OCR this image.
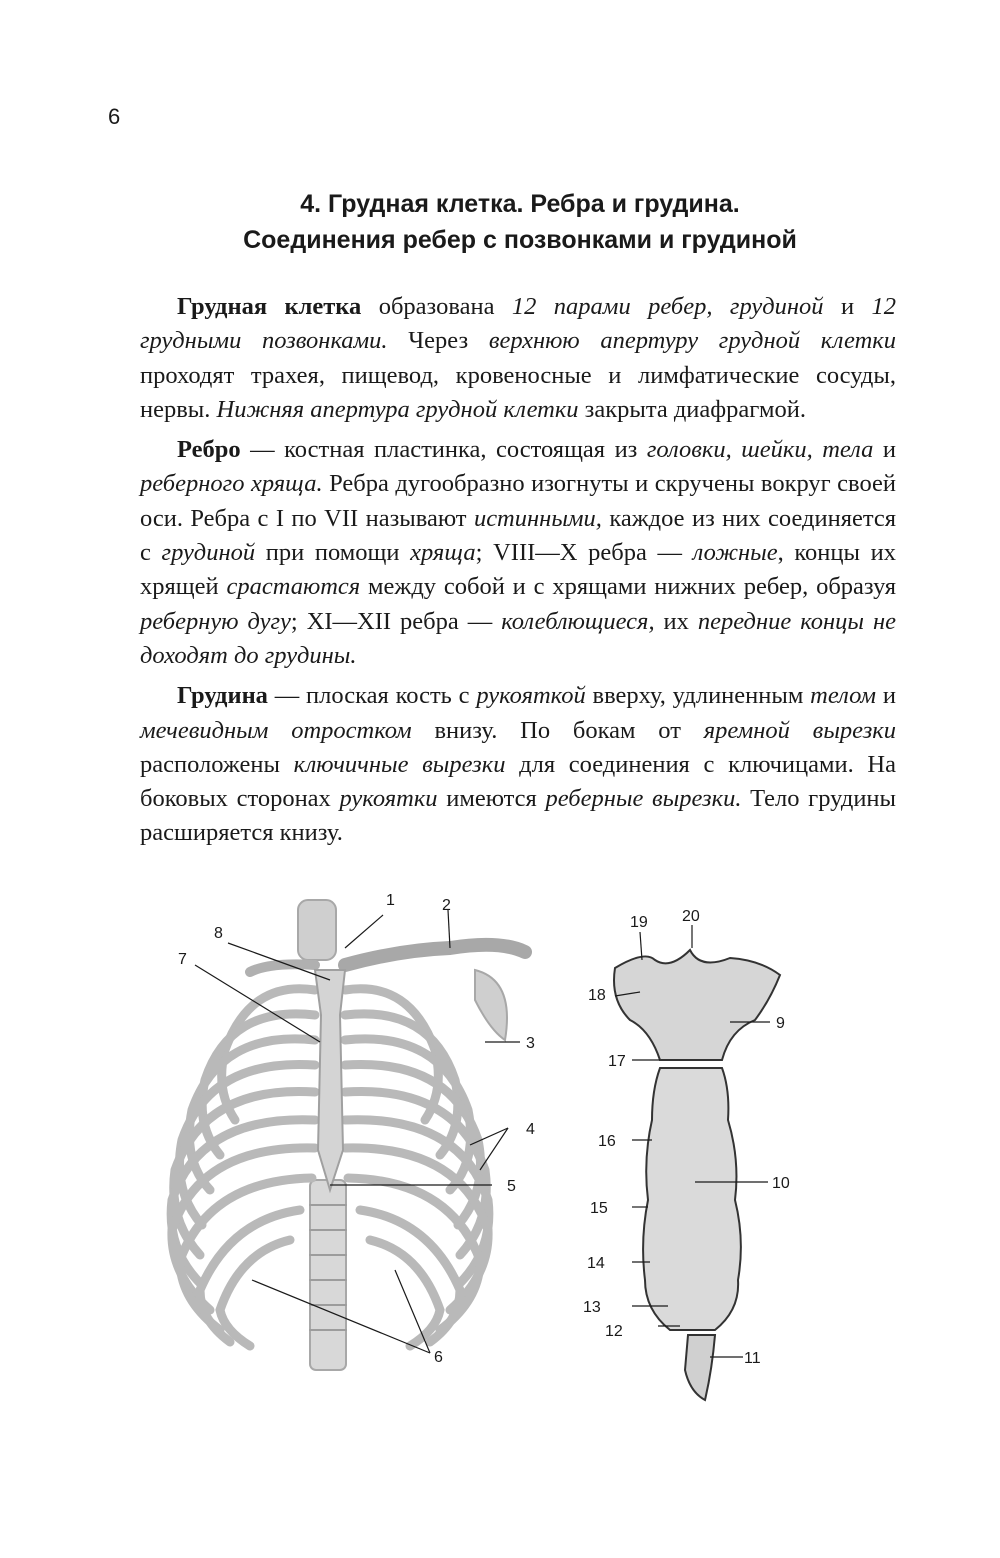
6
4. Грудная клетка. Ребра и грудина.
Соединения ребер с позвонками и грудиной

Грудная клетка образована 12 парами ребер, грудиной и 12 грудными позвонками. Через верхнюю апертуру грудной клетки проходят трахея, пищевод, кровеносные и лимфатические сосуды, нервы. Нижняя апертура грудной клетки закрыта диафрагмой.

Ребро — костная пластинка, состоящая из головки, шейки, тела и реберного хряща. Ребра дугообразно изогнуты и скручены вокруг своей оси. Ребра с I по VII называют истинными, каждое из них соединяется с грудиной при помощи хряща; VIII—X ребра — ложные, концы их хрящей срастаются между собой и с хрящами нижних ребер, образуя реберную дугу; XI—XII ребра — колеблющиеся, их передние концы не доходят до грудины.

Грудина — плоская кость с рукояткой вверху, удлиненным телом и мечевидным отростком внизу. По бокам от яремной вырезки расположены ключичные вырезки для соединения с ключицами. На боковых сторонах рукоятки имеются реберные вырезки. Тело грудины расширяется книзу.

1	2
3
4
5
6
7
8
9
10
11
12
13
14
15
16
17
18
19 20
